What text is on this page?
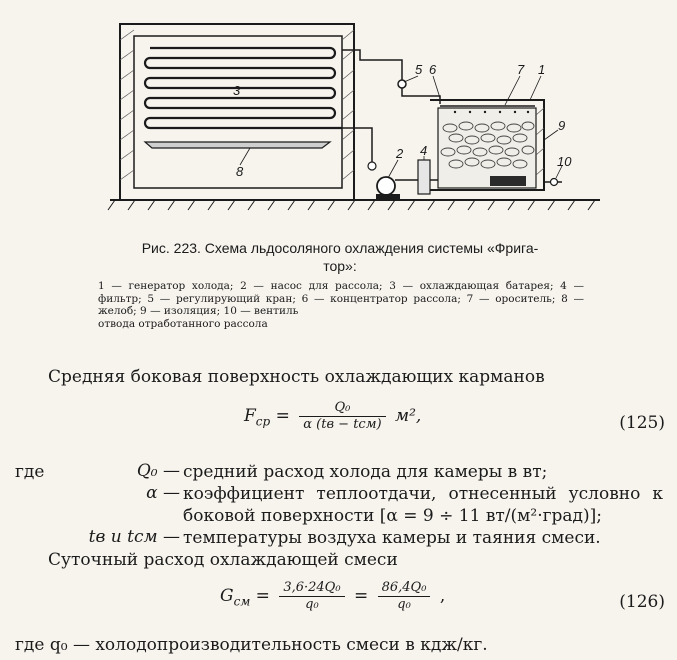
3
5 6	7 1
9
10
2 4
8
Рис. 223. Схема льдосоляного охлаждения системы «Фрига-
тор»:
1 — генератор холода; 2 — насос для рассола; 3 — охлаждающая батарея; 4 — фильтр; 5 — регулирующий кран; 6 — концентратор рассола; 7 — ороситель; 8 — желоб; 9 — изоляция; 10 — вентиль
отвода отработанного рассола
Средняя боковая поверхность охлаждающих карманов
$F_{ср} = \frac{\text{Q₀}}{\text{α (tв − tсм)}} м^2$,	(125)
где	Q₀ — средний расход холода для камеры в вт;
α — коэффициент теплоотдачи, отнесенный условно к боковой поверхности [α = 9 ÷ 11 вт/(м²·град)];
tв и tсм — температуры воздуха камеры и таяния смеси.
Суточный расход охлаждающей смеси
$G_{см} = \frac{\text{3,6·24Q₀}}{\text{q₀}} = \frac{\text{86,4Q₀}}{\text{q₀}}$ ,	(126)
где q₀ — холодопроизводительность смеси в кдж/кг.
